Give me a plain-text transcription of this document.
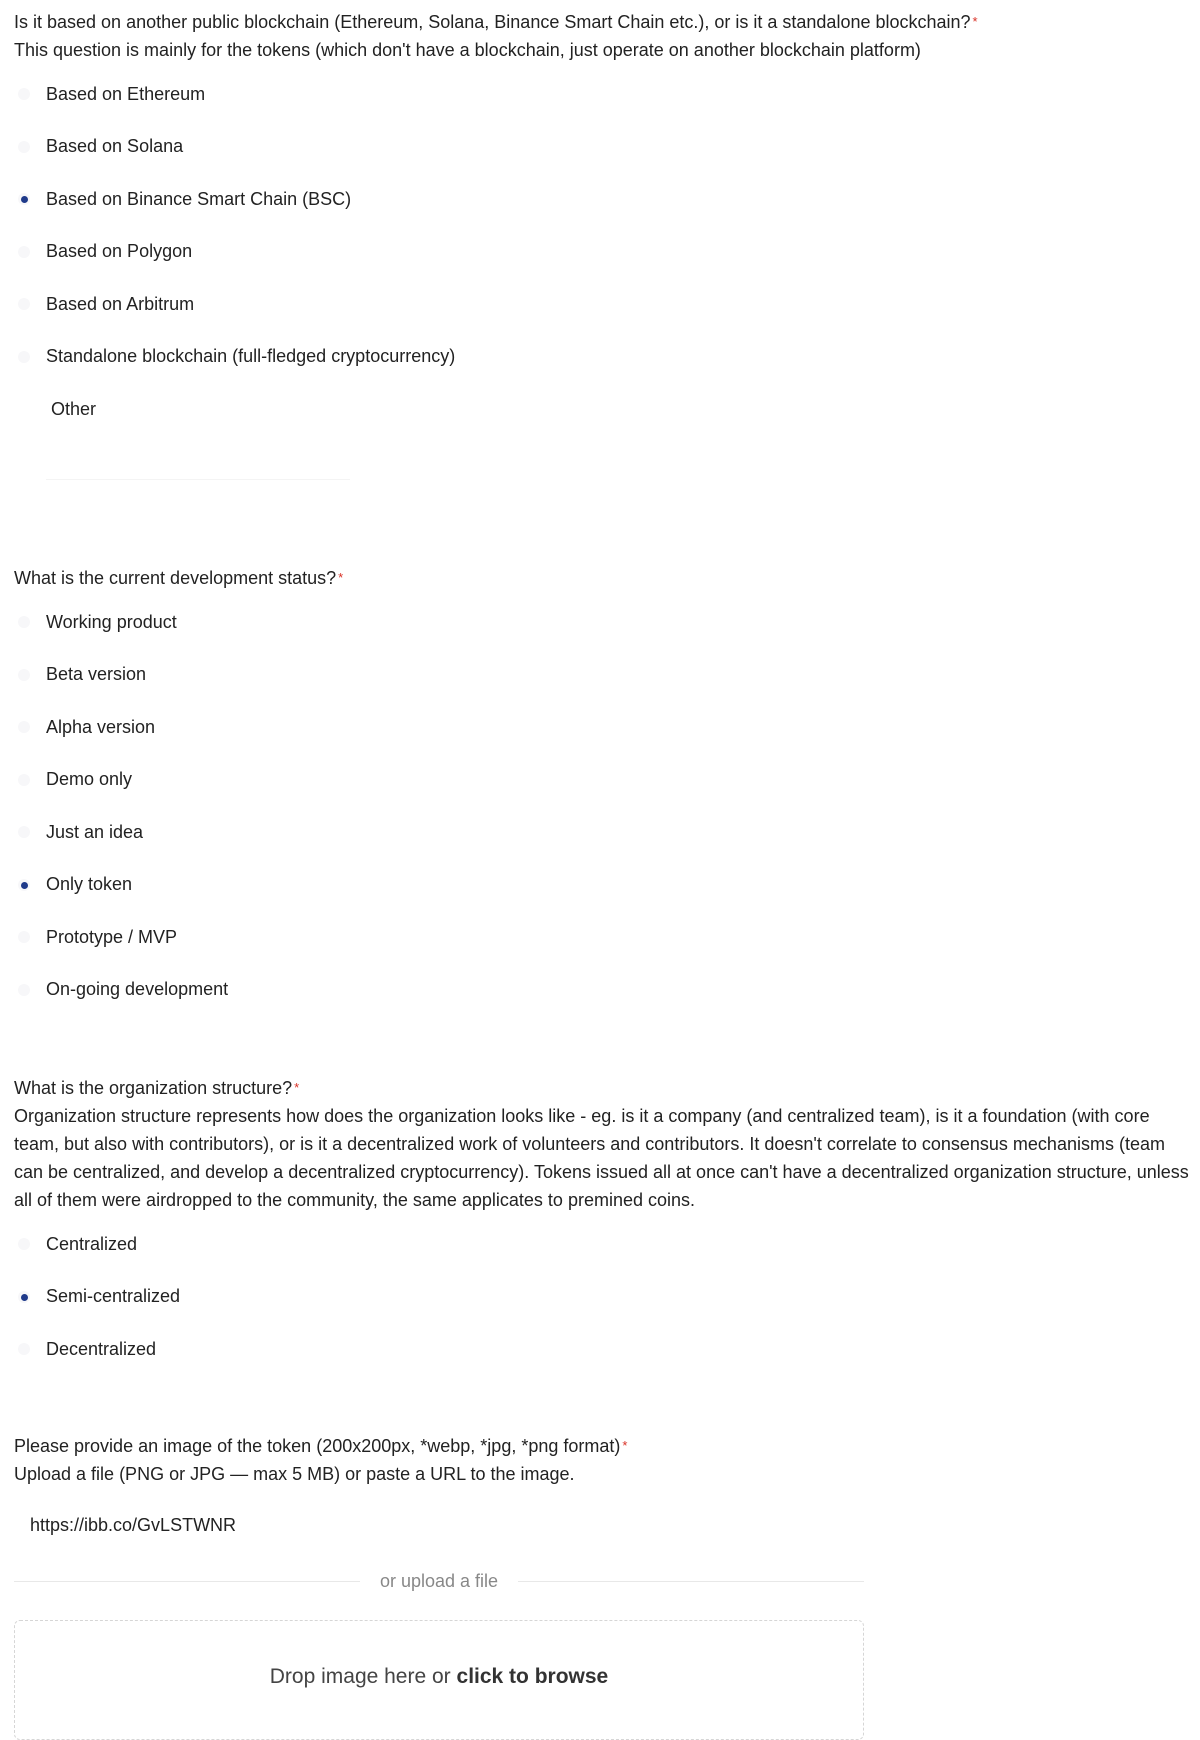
Is it based on another public blockchain (Ethereum, Solana, Binance Smart Chain etc.), or is it a standalone blockchain? *
This question is mainly for the tokens (which don't have a blockchain, just operate on another blockchain platform)
Based on Ethereum
Based on Solana
Based on Binance Smart Chain (BSC)
Based on Polygon
Based on Arbitrum
Standalone blockchain (full-fledged cryptocurrency)
Other
What is the current development status? *
Working product
Beta version
Alpha version
Demo only
Just an idea
Only token
Prototype / MVP
On-going development
What is the organization structure? *
Organization structure represents how does the organization looks like - eg. is it a company (and centralized team), is it a foundation (with core team, but also with contributors), or is it a decentralized work of volunteers and contributors. It doesn't correlate to consensus mechanisms (team can be centralized, and develop a decentralized cryptocurrency). Tokens issued all at once can't have a decentralized organization structure, unless all of them were airdropped to the community, the same applicates to premined coins.
Centralized
Semi-centralized
Decentralized
Please provide an image of the token (200x200px, *webp, *jpg, *png format) *
Upload a file (PNG or JPG — max 5 MB) or paste a URL to the image.
https://ibb.co/GvLSTWNR
or upload a file
Drop image here or click to browse
